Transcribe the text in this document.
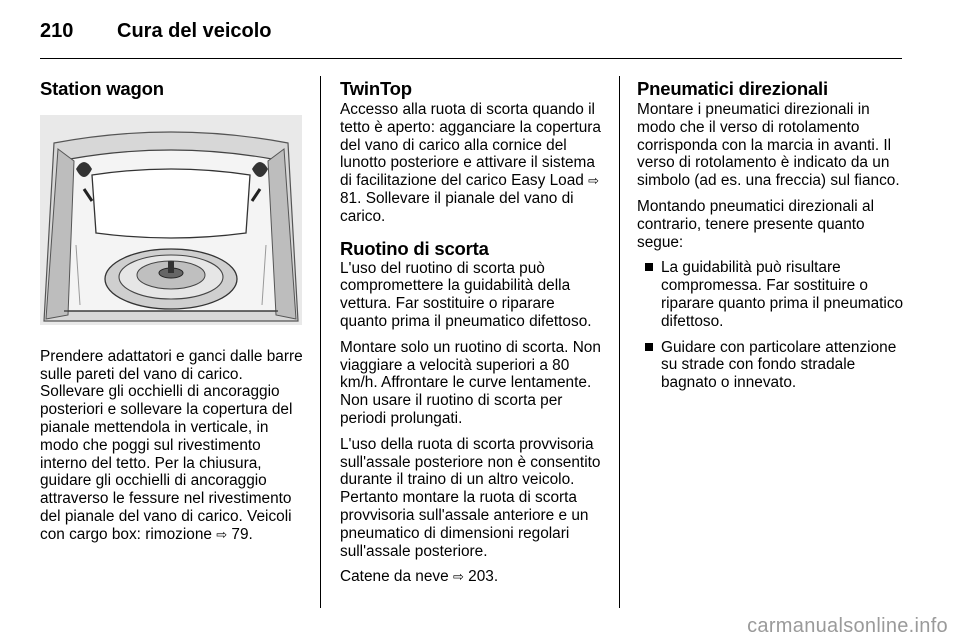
210 Cura del veicolo
Station wagon

Prendere adattatori e ganci dalle barre sulle pareti del vano di carico. Sollevare gli occhielli di ancoraggio posteriori e sollevare la copertura del pianale mettendola in verticale, in modo che poggi sul rivestimento interno del tetto. Per la chiusura, guidare gli occhielli di ancoraggio attraverso le fessure nel rivestimento del pianale del vano di carico. Veicoli con cargo box: rimozione ⇨ 79.

TwinTop

Accesso alla ruota di scorta quando il tetto è aperto: agganciare la copertura del vano di carico alla cornice del lunotto posteriore e attivare il sistema di facilitazione del carico Easy Load ⇨ 81. Sollevare il pianale del vano di carico.

Ruotino di scorta

L'uso del ruotino di scorta può compromettere la guidabilità della vettura. Far sostituire o riparare quanto prima il pneumatico difettoso.

Montare solo un ruotino di scorta. Non viaggiare a velocità superiori a 80 km/h. Affrontare le curve lentamente. Non usare il ruotino di scorta per periodi prolungati.

L'uso della ruota di scorta provvisoria sull'assale posteriore non è consentito durante il traino di un altro veicolo. Pertanto montare la ruota di scorta provvisoria sull'assale anteriore e un pneumatico di dimensioni regolari sull'assale posteriore.

Catene da neve ⇨ 203.

Pneumatici direzionali

Montare i pneumatici direzionali in modo che il verso di rotolamento corrisponda con la marcia in avanti. Il verso di rotolamento è indicato da un simbolo (ad es. una freccia) sul fianco.

Montando pneumatici direzionali al contrario, tenere presente quanto segue:

La guidabilità può risultare compromessa. Far sostituire o riparare quanto prima il pneumatico difettoso.
Guidare con particolare attenzione su strade con fondo stradale bagnato o innevato.
carmanualsonline.info
